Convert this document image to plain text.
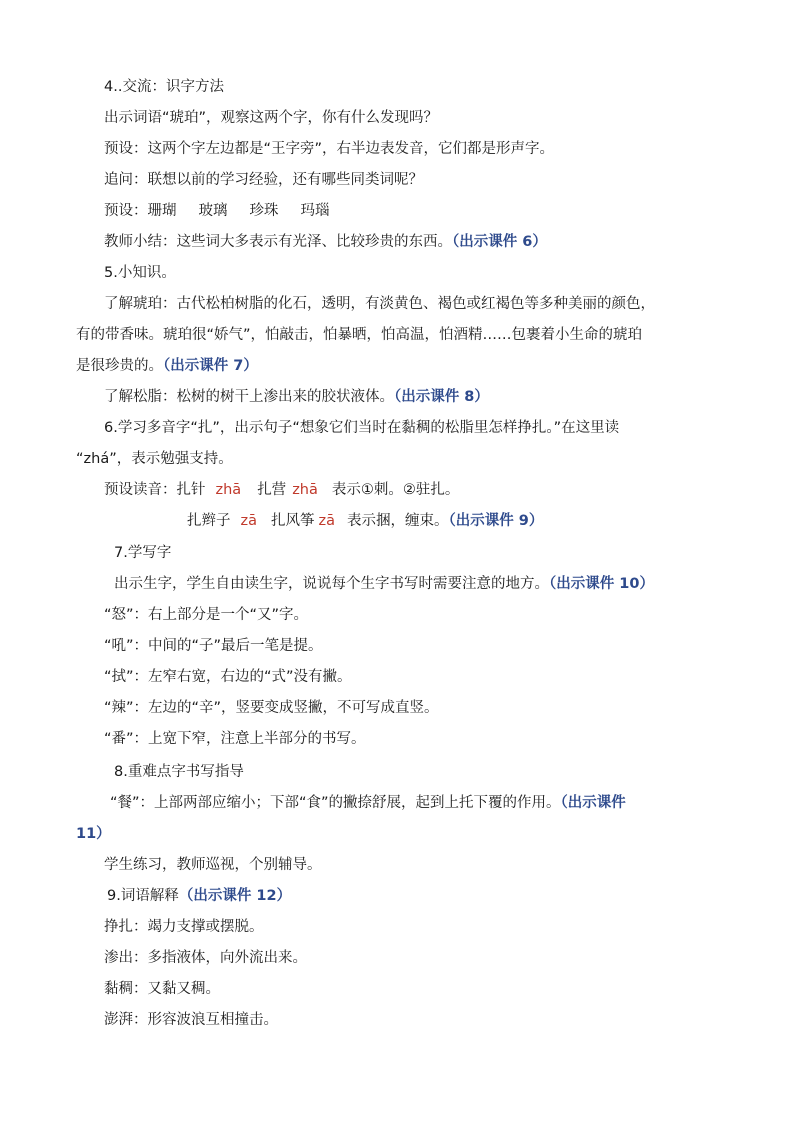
4..交流：识字方法
出示词语“琥珀”，观察这两个字，你有什么发现吗？
预设：这两个字左边都是“王字旁”，右半边表发音，它们都是形声字。
追问：联想以前的学习经验，还有哪些同类词呢？
预设：珊瑚 玻璃 珍珠 玛瑙
教师小结：这些词大多表示有光泽、比较珍贵的东西。（出示课件 6）
5.小知识。
了解琥珀：古代松柏树脂的化石，透明，有淡黄色、褐色或红褐色等多种美丽的颜色，
有的带香味。琥珀很“娇气”，怕敲击，怕暴晒，怕高温，怕酒精……包裹着小生命的琥珀
是很珍贵的。（出示课件 7）
了解松脂：松树的树干上渗出来的胶状液体。（出示课件 8）
6.学习多音字“扎”，出示句子“想象它们当时在黏稠的松脂里怎样挣扎。”在这里读
“zhá”，表示勉强支持。
预设读音：扎针 zhā 扎营 zhā 表示①刺。②驻扎。
扎辫子 zā 扎风筝 zā 表示捆，缠束。（出示课件 9）
7.学写字
出示生字，学生自由读生字，说说每个生字书写时需要注意的地方。（出示课件 10）
“怒”：右上部分是一个“又”字。
“吼”：中间的“子”最后一笔是提。
“拭”：左窄右宽，右边的“式”没有撇。
“辣”：左边的“辛”，竖要变成竖撇，不可写成直竖。
“番”：上宽下窄，注意上半部分的书写。
8.重难点字书写指导
“餐”：上部两部应缩小；下部“食”的撇捺舒展，起到上托下覆的作用。（出示课件
11）
学生练习，教师巡视，个别辅导。
9.词语解释（出示课件 12）
挣扎：竭力支撑或摆脱。
渗出：多指液体，向外流出来。
黏稠：又黏又稠。
澎湃：形容波浪互相撞击。
